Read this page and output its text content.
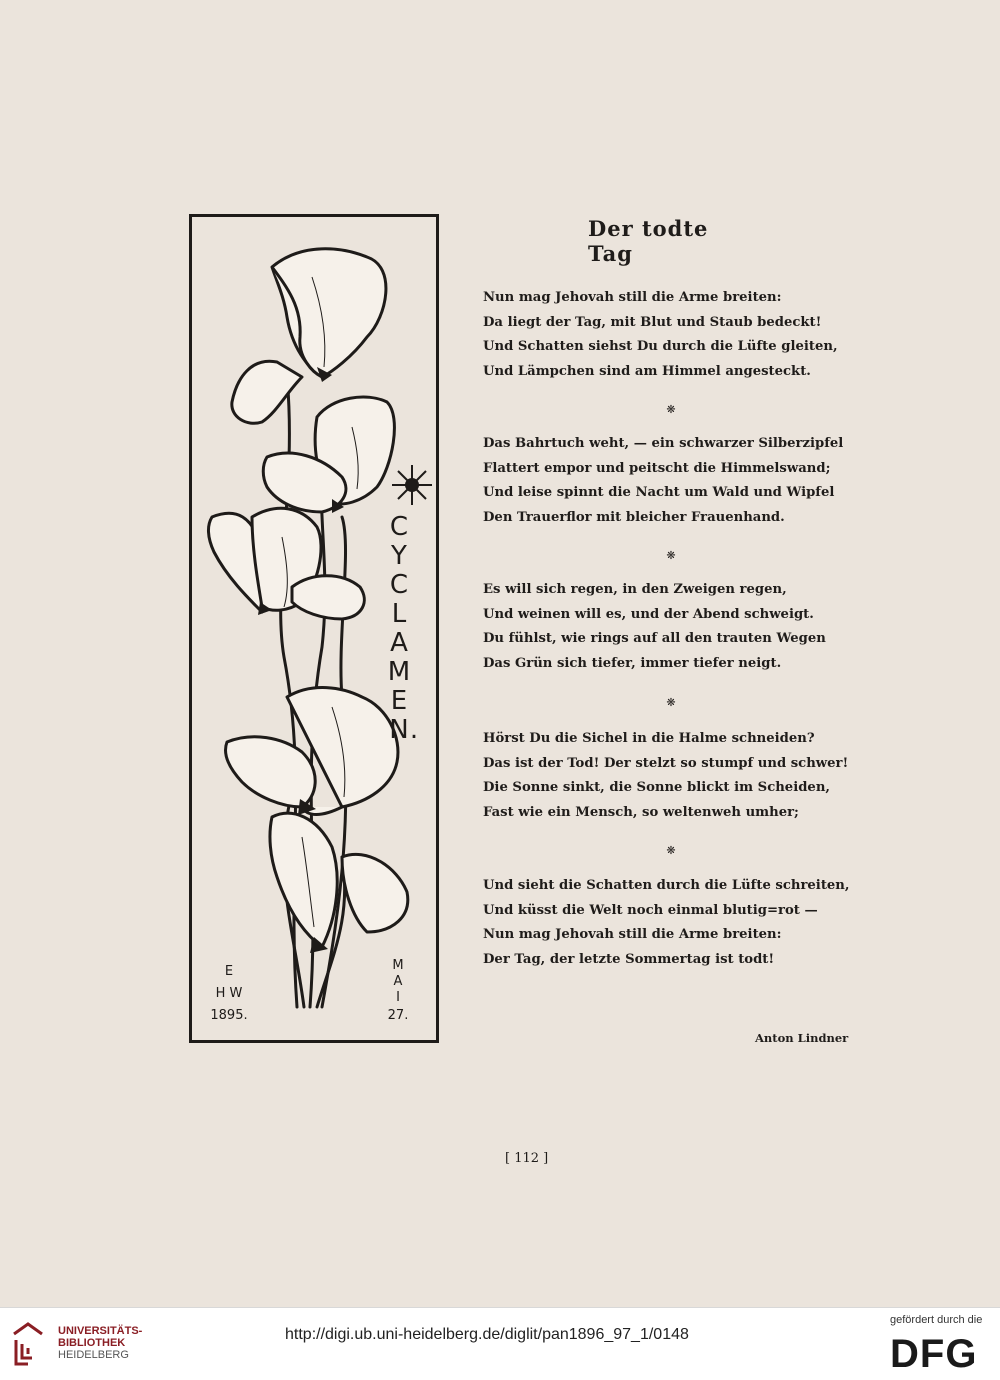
C
Y
C
L
A
M
E
N .
E
H W
1895.
M
A
I
27.
Der todte Tag
Nun mag Jehovah still die Arme breiten:
Da liegt der Tag, mit Blut und Staub bedeckt!
Und Schatten siehst Du durch die Lüfte gleiten,
Und Lämpchen sind am Himmel angesteckt.
❋
Das Bahrtuch weht, — ein schwarzer Silberzipfel
Flattert empor und peitscht die Himmelswand;
Und leise spinnt die Nacht um Wald und Wipfel
Den Trauerflor mit bleicher Frauenhand.
❋
Es will sich regen, in den Zweigen regen,
Und weinen will es, und der Abend schweigt.
Du fühlst, wie rings auf all den trauten Wegen
Das Grün sich tiefer, immer tiefer neigt.
❋
Hörst Du die Sichel in die Halme schneiden?
Das ist der Tod! Der stelzt so stumpf und schwer!
Die Sonne sinkt, die Sonne blickt im Scheiden,
Fast wie ein Mensch, so weltenweh umher;
❋
Und sieht die Schatten durch die Lüfte schreiten,
Und küsst die Welt noch einmal blutig=rot —
Nun mag Jehovah still die Arme breiten:
Der Tag, der letzte Sommertag ist todt!
Anton Lindner
[ 112 ]
UNIVERSITÄTS-
BIBLIOTHEK
HEIDELBERG
http://digi.ub.uni-heidelberg.de/diglit/pan1896_97_1/0148
gefördert durch die
DFG
